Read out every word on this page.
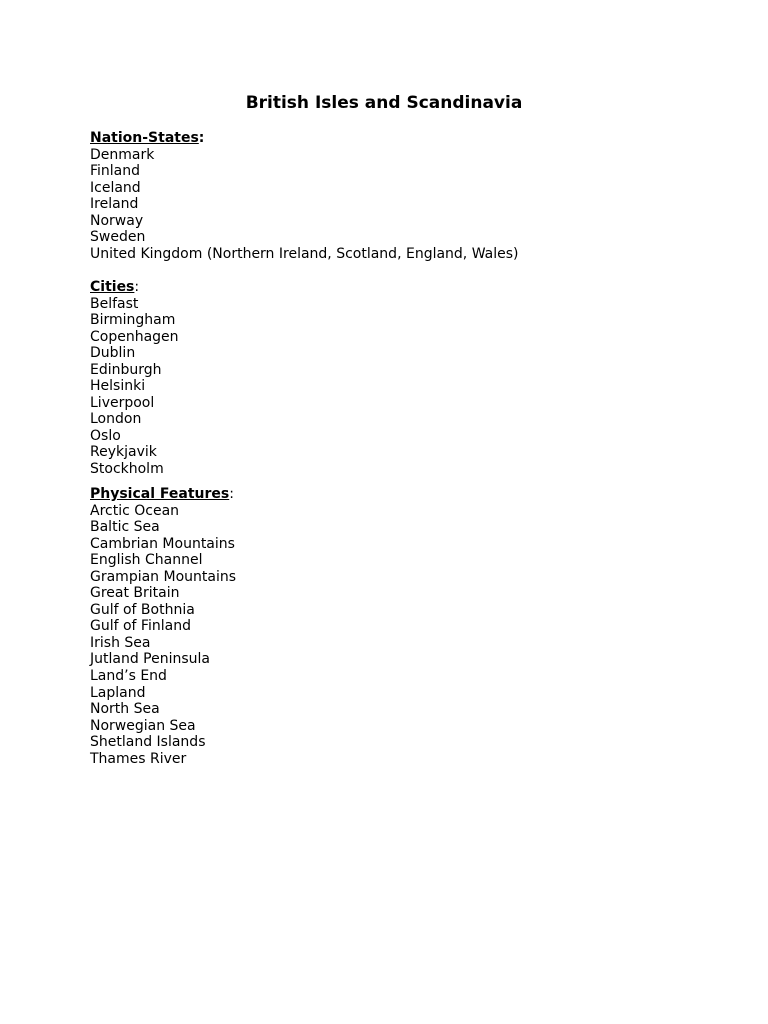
British Isles and Scandinavia
Nation-States:
Denmark
Finland
Iceland
Ireland
Norway
Sweden
United Kingdom (Northern Ireland, Scotland, England, Wales)
Cities:
Belfast
Birmingham
Copenhagen
Dublin
Edinburgh
Helsinki
Liverpool
London
Oslo
Reykjavik
Stockholm
Physical Features:
Arctic Ocean
Baltic Sea
Cambrian Mountains
English Channel
Grampian Mountains
Great Britain
Gulf of Bothnia
Gulf of Finland
Irish Sea
Jutland Peninsula
Land’s End
Lapland
North Sea
Norwegian Sea
Shetland Islands
Thames River
